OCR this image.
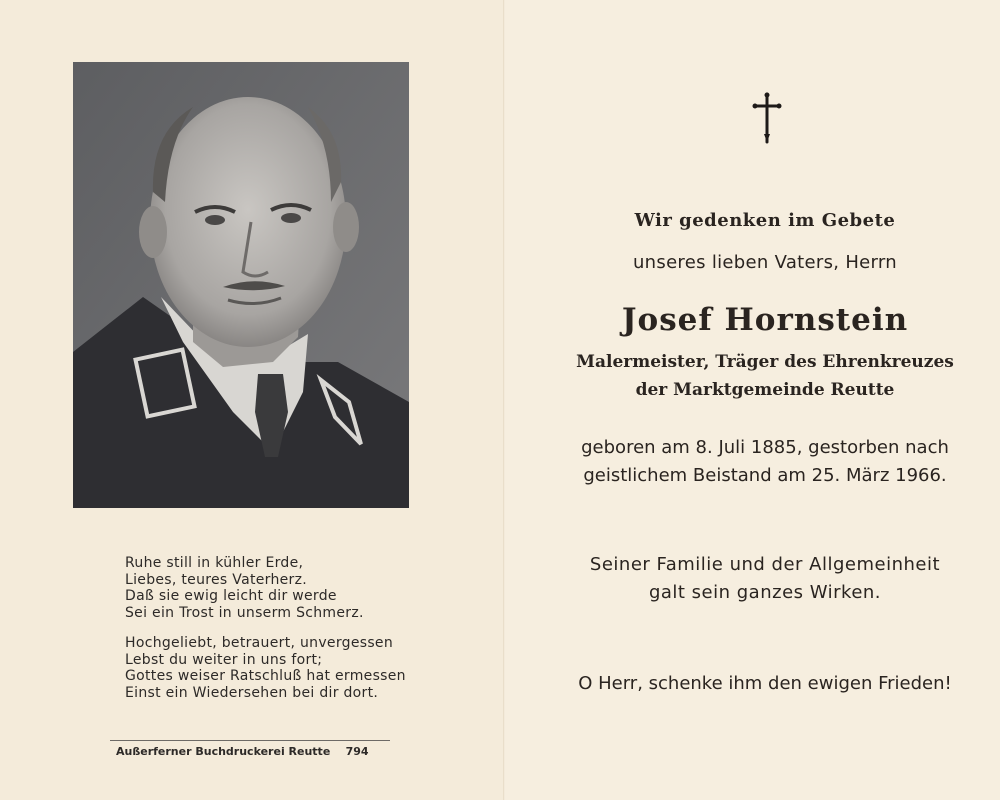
Ruhe still in kühler Erde,
Liebes, teures Vaterherz.
Daß sie ewig leicht dir werde
Sei ein Trost in unserm Schmerz.
Hochgeliebt, betrauert, unvergessen
Lebst du weiter in uns fort;
Gottes weiser Ratschluß hat ermessen
Einst ein Wiedersehen bei dir dort.
Außerferner Buchdruckerei Reutte    794
Wir gedenken im Gebete
unseres lieben Vaters, Herrn
Josef Hornstein
Malermeister, Träger des Ehrenkreuzes
der Marktgemeinde Reutte
geboren am 8. Juli 1885, gestorben nach
geistlichem Beistand am 25. März 1966.
Seiner Familie und der Allgemeinheit
galt sein ganzes Wirken.
O Herr, schenke ihm den ewigen Frieden!
